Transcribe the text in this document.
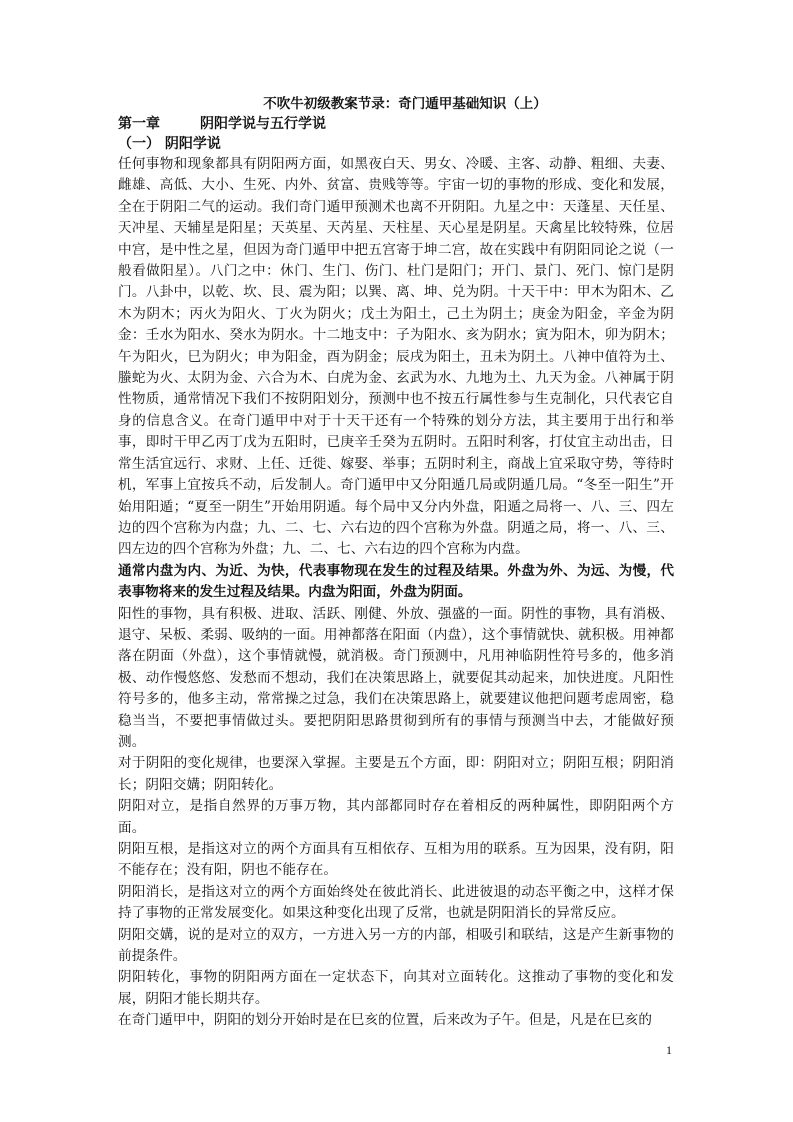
不吹牛初级教案节录：奇门遁甲基础知识（上）

第一章	阴阳学说与五行学说

（一） 阴阳学说

任何事物和现象都具有阴阳两方面，如黑夜白天、男女、冷暖、主客、动静、粗细、夫妻、雌雄、高低、大小、生死、内外、贫富、贵贱等等。宇宙一切的事物的形成、变化和发展，全在于阴阳二气的运动。我们奇门遁甲预测术也离不开阴阳。九星之中：天蓬星、天任星、天冲星、天辅星是阳星；天英星、天芮星、天柱星、天心星是阴星。天禽星比较特殊，位居中宫，是中性之星，但因为奇门遁甲中把五宫寄于坤二宫，故在实践中有阴阳同论之说（一般看做阳星）。八门之中：休门、生门、伤门、杜门是阳门；开门、景门、死门、惊门是阴门。八卦中，以乾、坎、艮、震为阳；以巽、离、坤、兑为阴。十天干中：甲木为阳木、乙木为阴木；丙火为阳火、丁火为阴火；戊土为阳土，己土为阴土；庚金为阳金，辛金为阴金：壬水为阳水、癸水为阴水。十二地支中：子为阳水、亥为阴水；寅为阳木，卯为阴木；午为阳火，巳为阴火；申为阳金，酉为阴金；辰戌为阳土，丑未为阴土。八神中值符为土、螣蛇为火、太阴为金、六合为木、白虎为金、玄武为水、九地为土、九天为金。八神属于阴性物质，通常情况下我们不按阴阳划分，预测中也不按五行属性参与生克制化，只代表它自身的信息含义。在奇门遁甲中对于十天干还有一个特殊的划分方法，其主要用于出行和举事，即时干甲乙丙丁戊为五阳时，已庚辛壬癸为五阴时。五阳时利客，打仗宜主动出击，日常生活宜远行、求财、上任、迁徙、嫁娶、举事；五阴时利主，商战上宜采取守势，等待时机，军事上宜按兵不动，后发制人。奇门遁甲中又分阳遁几局或阴遁几局。“冬至一阳生”开始用阳遁；“夏至一阴生”开始用阴遁。每个局中又分内外盘，阳遁之局将一、八、三、四左边的四个宫称为内盘；九、二、七、六右边的四个宫称为外盘。阴遁之局，将一、八、三、四左边的四个宫称为外盘；九、二、七、六右边的四个宫称为内盘。

通常内盘为内、为近、为快，代表事物现在发生的过程及结果。外盘为外、为远、为慢，代表事物将来的发生过程及结果。内盘为阳面，外盘为阴面。

阳性的事物，具有积极、进取、活跃、刚健、外放、强盛的一面。阴性的事物，具有消极、退守、呆板、柔弱、吸纳的一面。用神都落在阳面（内盘），这个事情就快、就积极。用神都落在阴面（外盘），这个事情就慢，就消极。奇门预测中，凡用神临阴性符号多的，他多消极、动作慢悠悠、发愁而不想动，我们在决策思路上，就要促其动起来，加快进度。凡阳性符号多的，他多主动，常常操之过急，我们在决策思路上，就要建议他把问题考虑周密，稳稳当当，不要把事情做过头。要把阴阳思路贯彻到所有的事情与预测当中去，才能做好预测。

对于阴阳的变化规律，也要深入掌握。主要是五个方面，即：阴阳对立；阴阳互根；阴阳消长；阴阳交媾；阴阳转化。

阴阳对立，是指自然界的万事万物，其内部都同时存在着相反的两种属性，即阴阳两个方面。

阴阳互根，是指这对立的两个方面具有互相依存、互相为用的联系。互为因果，没有阴，阳不能存在；没有阳，阴也不能存在。

阴阳消长，是指这对立的两个方面始终处在彼此消长、此进彼退的动态平衡之中，这样才保持了事物的正常发展变化。如果这种变化出现了反常，也就是阴阳消长的异常反应。

阴阳交媾，说的是对立的双方，一方进入另一方的内部，相吸引和联结，这是产生新事物的前提条件。

阴阳转化，事物的阴阳两方面在一定状态下，向其对立面转化。这推动了事物的变化和发展，阴阳才能长期共存。

在奇门遁甲中，阴阳的划分开始时是在巳亥的位置，后来改为子午。但是，凡是在巳亥的

1
